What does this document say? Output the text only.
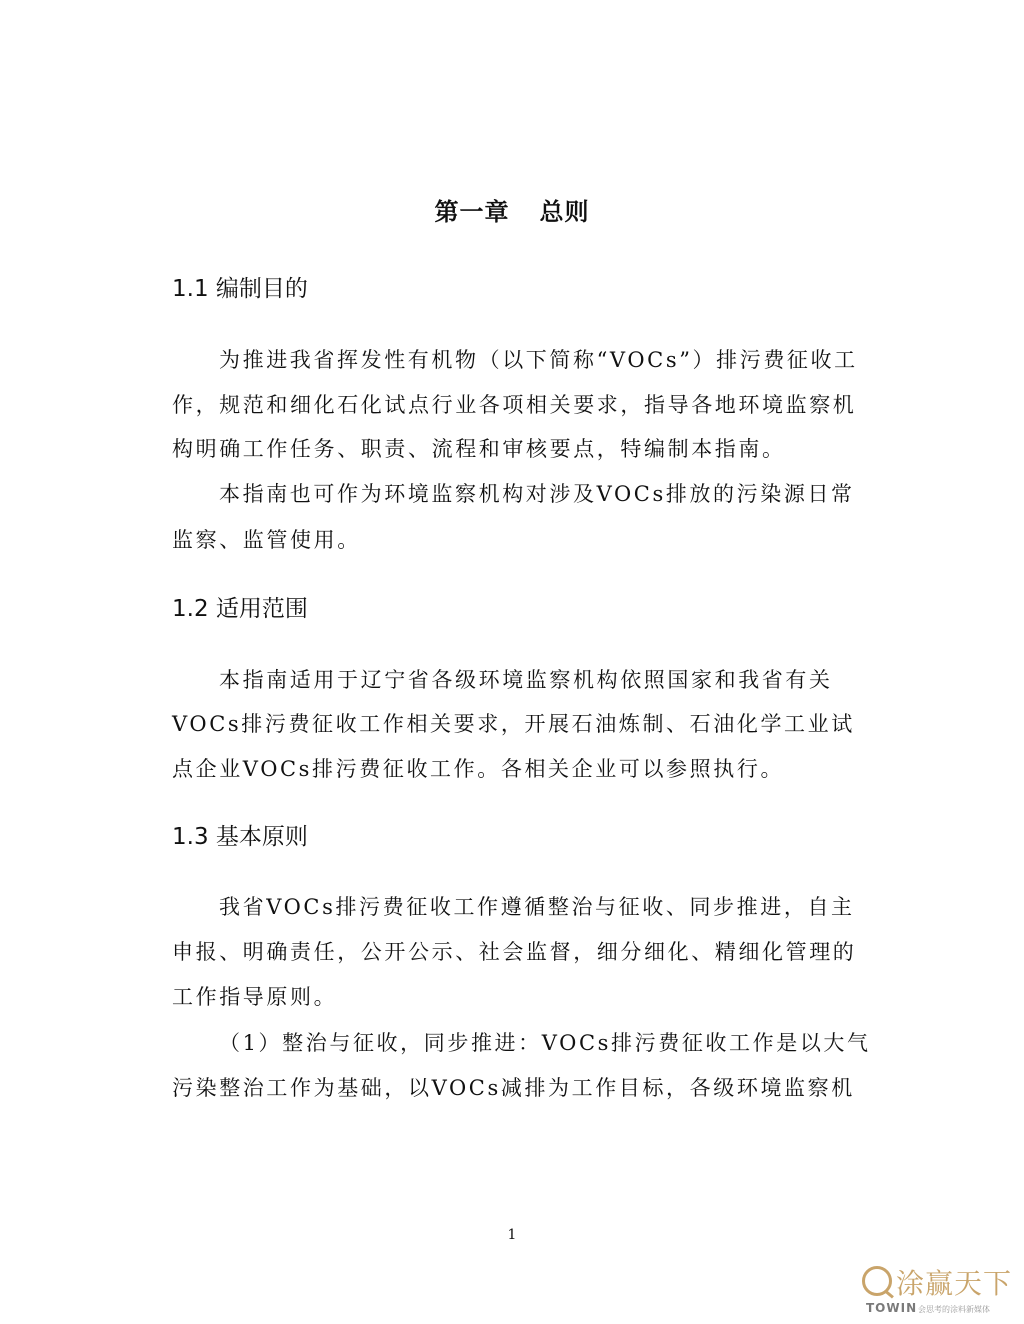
第一章 总则
1.1 编制目的
为推进我省挥发性有机物（以下简称“VOCs”）排污费征收工
作，规范和细化石化试点行业各项相关要求，指导各地环境监察机
构明确工作任务、职责、流程和审核要点，特编制本指南。
本指南也可作为环境监察机构对涉及VOCs排放的污染源日常
监察、监管使用。
1.2 适用范围
本指南适用于辽宁省各级环境监察机构依照国家和我省有关
VOCs排污费征收工作相关要求，开展石油炼制、石油化学工业试
点企业VOCs排污费征收工作。各相关企业可以参照执行。
1.3 基本原则
我省VOCs排污费征收工作遵循整治与征收、同步推进，自主
申报、明确责任，公开公示、社会监督，细分细化、精细化管理的
工作指导原则。
（1）整治与征收，同步推进：VOCs排污费征收工作是以大气
污染整治工作为基础，以VOCs减排为工作目标，各级环境监察机
1
涂赢天下
TOWIN 会思考的涂料新媒体
